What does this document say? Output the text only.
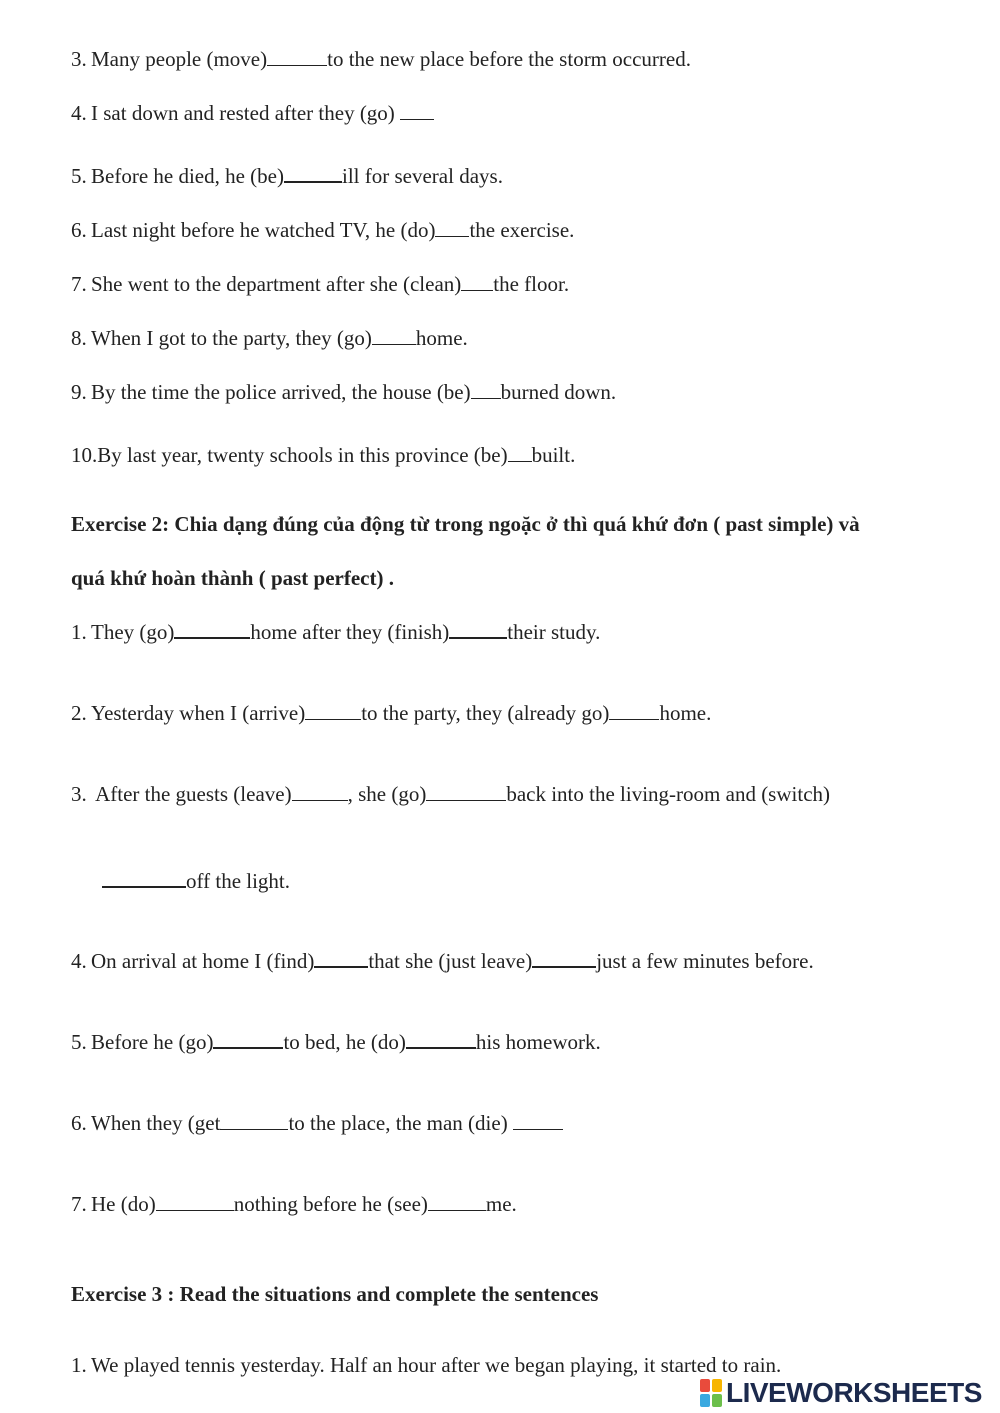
3. Many people (move)	to the new place before the storm occurred.
4. I sat down and rested after they (go)
5. Before he died, he (be)	ill for several days.
6. Last night before he watched TV, he (do) the exercise.
7. She went to the department after she (clean) the floor.
8. When I got to the party, they (go) home.
9. By the time the police arrived, the house (be) burned down.
10.By last year, twenty schools in this province (be) built.
Exercise 2: Chia dạng đúng của động từ trong ngoặc ở thì quá khứ đơn ( past simple) và
quá khứ hoàn thành ( past perfect) .
1. They (go)	home after they (finish)	their study.
2. Yesterday when I (arrive)	to the party, they (already go) home.
3. After the guests (leave)	, she (go)	back into the living-room and (switch)
off the light.
4. On arrival at home I (find)	that she (just leave)	just a few minutes before.
5. Before he (go)	to bed, he (do)	his homework.
6. When they (get	to the place, the man (die)
7. He (do)	nothing before he (see)	me.
Exercise 3 : Read the situations and complete the sentences
1. We played tennis yesterday. Half an hour after we began playing, it started to rain.
LIVEWORKSHEETS
